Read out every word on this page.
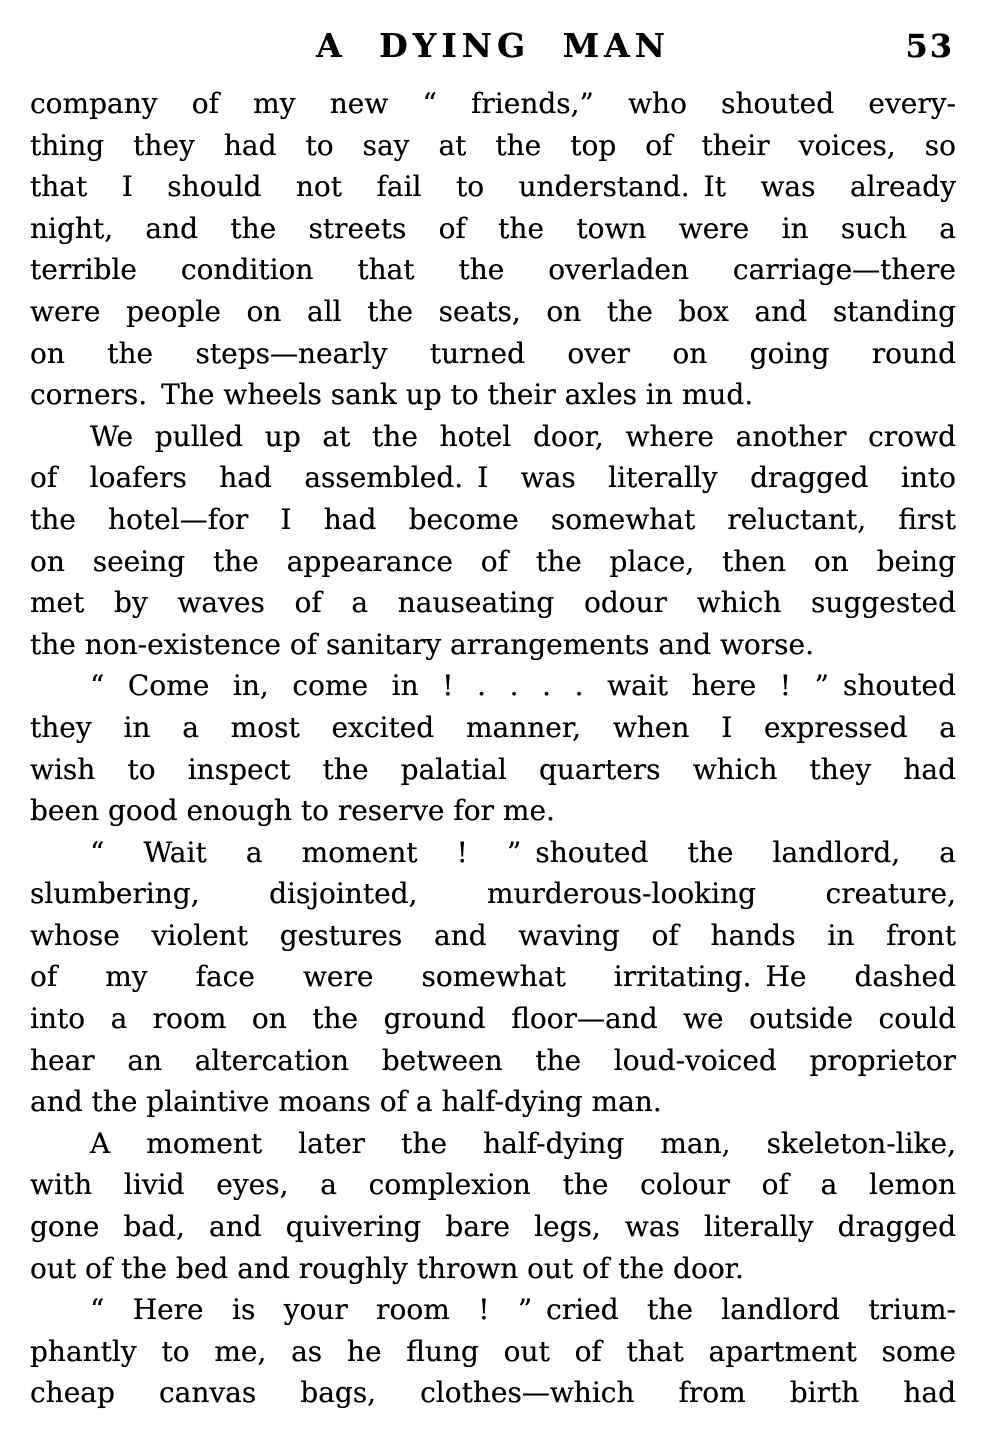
A DYING MAN	53
company of my new “ friends,” who shouted every-
thing they had to say at the top of their voices, so
that I should not fail to understand. It was already
night, and the streets of the town were in such a
terrible condition that the overladen carriage—there
were people on all the seats, on the box and standing
on the steps—nearly turned over on going round
corners. The wheels sank up to their axles in mud.
We pulled up at the hotel door, where another crowd
of loafers had assembled. I was literally dragged into
the hotel—for I had become somewhat reluctant, first
on seeing the appearance of the place, then on being
met by waves of a nauseating odour which suggested
the non-existence of sanitary arrangements and worse.
“ Come in, come in ! . . . . wait here ! ” shouted
they in a most excited manner, when I expressed a
wish to inspect the palatial quarters which they had
been good enough to reserve for me.
“ Wait a moment ! ” shouted the landlord, a
slumbering, disjointed, murderous-looking creature,
whose violent gestures and waving of hands in front
of my face were somewhat irritating. He dashed
into a room on the ground floor—and we outside could
hear an altercation between the loud-voiced proprietor
and the plaintive moans of a half-dying man.
A moment later the half-dying man, skeleton-like,
with livid eyes, a complexion the colour of a lemon
gone bad, and quivering bare legs, was literally dragged
out of the bed and roughly thrown out of the door.
“ Here is your room ! ” cried the landlord trium-
phantly to me, as he flung out of that apartment some
cheap canvas bags, clothes—which from birth had
